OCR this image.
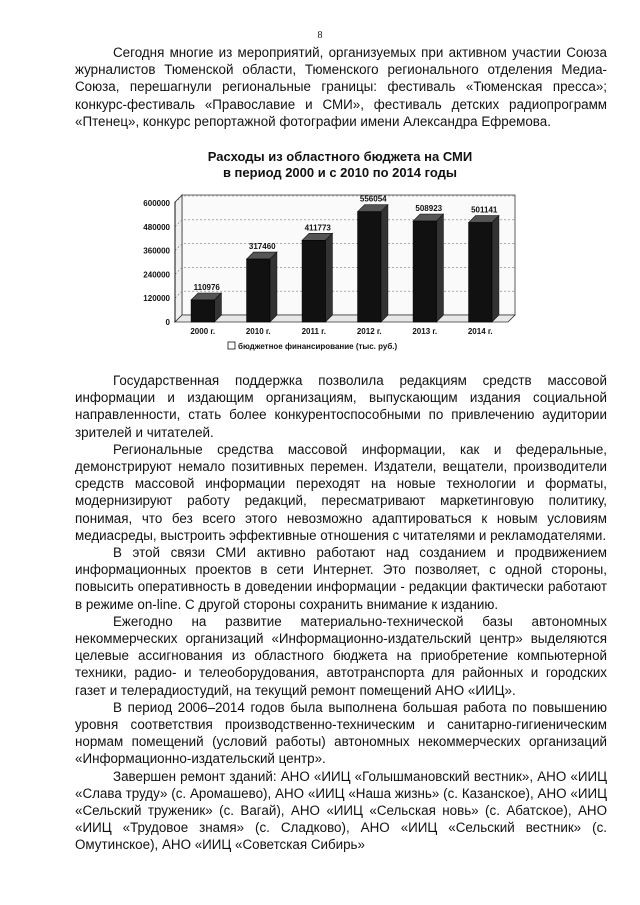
8

Сегодня многие из мероприятий, организуемых при активном участии Союза журналистов Тюменской области, Тюменского регионального отделения Медиа-Союза, перешагнули региональные границы: фестиваль «Тюменская пресса»; конкурс-фестиваль «Православие и СМИ», фестиваль детских радиопрограмм «Птенец», конкурс репортажной фотографии имени Александра Ефремова.

Расходы из областного бюджета на СМИ
в период 2000 и с 2010 по 2014 годы
0
120000
240000
360000
480000
600000
110976
2000 г.
317460
2010 г.
411773
2011 г.
556054
2012 г.
508923
2013 г.
501141
2014 г.
бюджетное финансирование (тыс. руб.)

Государственная поддержка позволила редакциям средств массовой информации и издающим организациям, выпускающим издания социальной направленности, стать более конкурентоспособными по привлечению аудитории зрителей и читателей.

Региональные средства массовой информации, как и федеральные, демонстрируют немало позитивных перемен. Издатели, вещатели, производители средств массовой информации переходят на новые технологии и форматы, модернизируют работу редакций, пересматривают маркетинговую политику, понимая, что без всего этого невозможно адаптироваться к новым условиям медиасреды, выстроить эффективные отношения с читателями и рекламодателями.

В этой связи СМИ активно работают над созданием и продвижением информационных проектов в сети Интернет. Это позволяет, с одной стороны, повысить оперативность в доведении информации - редакции фактически работают в режиме on-line. С другой стороны сохранить внимание к изданию.

Ежегодно на развитие материально-технической базы автономных некоммерческих организаций «Информационно-издательский центр» выделяются целевые ассигнования из областного бюджета на приобретение компьютерной техники, радио- и телеоборудования, автотранспорта для районных и городских газет и телерадиостудий, на текущий ремонт помещений АНО «ИИЦ».

В период 2006–2014 годов была выполнена большая работа по повышению уровня соответствия производственно-техническим и санитарно-гигиеническим нормам помещений (условий работы) автономных некоммерческих организаций «Информационно-издательский центр».

Завершен ремонт зданий: АНО «ИИЦ «Голышмановский вестник», АНО «ИИЦ «Слава труду» (с. Аромашево), АНО «ИИЦ «Наша жизнь» (с. Казанское), АНО «ИИЦ «Сельский труженик» (с. Вагай), АНО «ИИЦ «Сельская новь» (с. Абатское), АНО «ИИЦ «Трудовое знамя» (с. Сладково), АНО «ИИЦ «Сельский вестник» (с. Омутинское), АНО «ИИЦ «Советская Сибирь»
